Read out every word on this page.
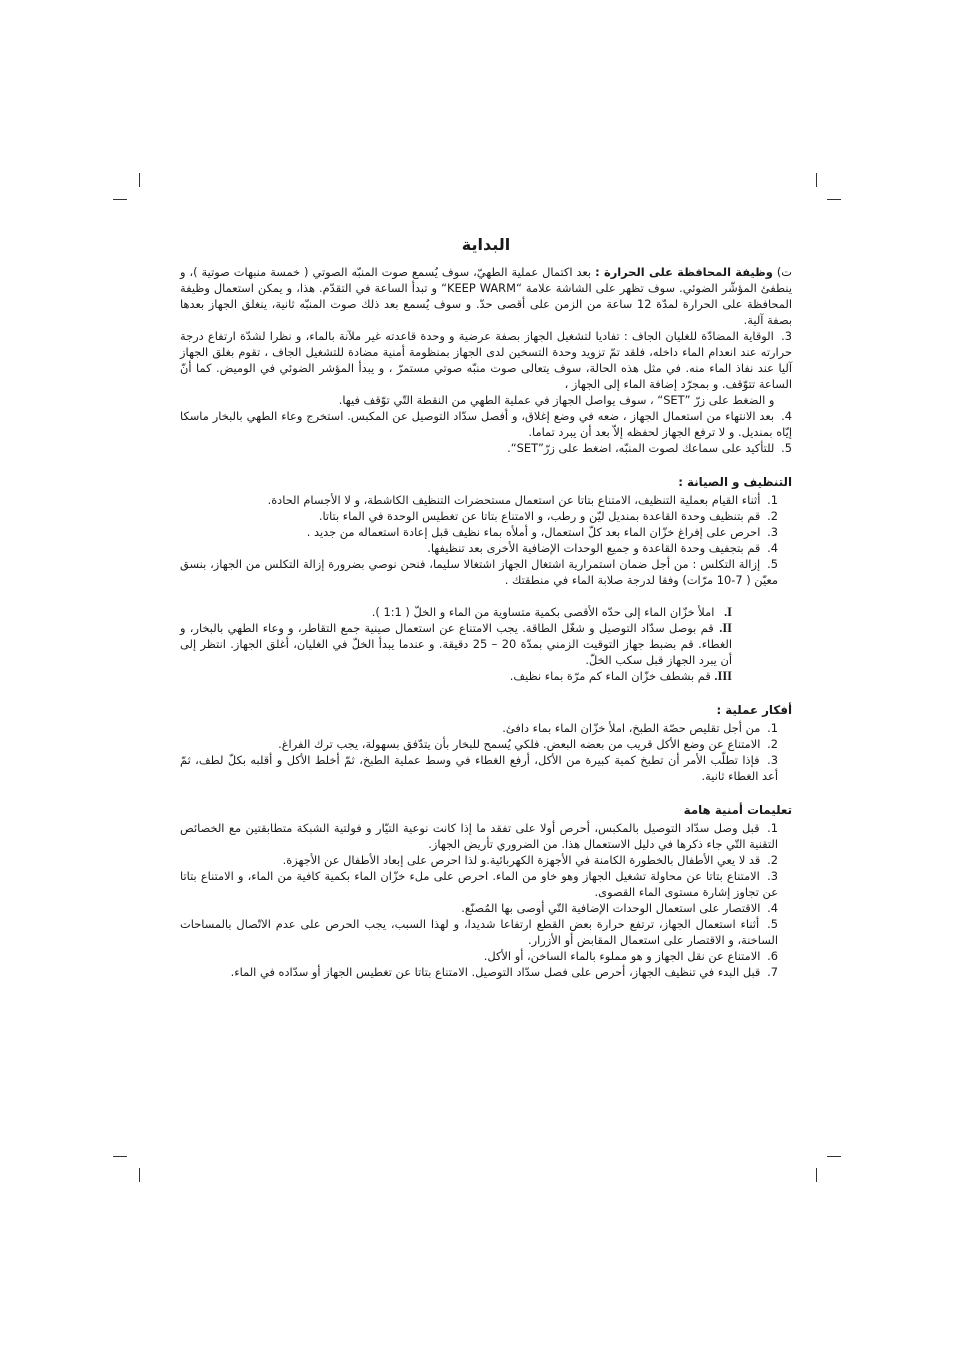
البداية

ت) وظيفة المحافظة على الحرارة : بعد اكتمال عملية الطهيّ، سوف يُسمع صوت المنبّه الصوتي ( خمسة منبهات صوتية )، و ينطفئ المؤشّر الضوئي. سوف تظهر على الشاشة علامة “KEEP WARM“ و تبدأ الساعة في التقدّم. هذا، و يمكن استعمال وظيفة المحافظة على الحرارة لمدّة 12 ساعة من الزمن على أقصى حدّ. و سوف يُسمع بعد ذلك صوت المنبّه ثانية، ينغلق الجهاز بعدها بصفة آلية.

3. الوقاية المضادّة للغليان الجاف : تفاديا لتشغيل الجهاز بصفة عرضية و وحدة قاعدته غير ملآنة بالماء، و نظرا لشدّة ارتفاع درجة حرارته عند انعدام الماء داخله، فلقد تمّ تزويد وحدة التسخين لدى الجهاز بمنظومة أمنية مضادة للتشغيل الجاف ، تقوم بغلق الجهاز آليا عند نفاذ الماء منه. في مثل هذه الحالة، سوف يتعالى صوت منبّه صوتي مستمرّ ، و يبدأ المؤشر الضوئي في الوميض. كما أنّ الساعة تتوّقف. و بمجرّد إضافة الماء إلى الجهاز ،

و الضغط على زرّ ”SET“ ، سوف يواصل الجهاز في عملية الطهي من النقطة التّي توّقف فيها.

4. بعد الانتهاء من استعمال الجهاز ، ضعه في وضع إغلاق، و أفصل سدّاد التوصيل عن المكبس. استخرج وعاء الطهي بالبخار ماسكا إيّاه بمنديل. و لا ترفع الجهاز لحفظه إلاّ بعد أن يبرد تماما.

5. للتأكيد على سماعك لصوت المنبّه، اضغط على زرّ”SET“.

التنظيف و الصيانة :

1. أثناء القيام بعملية التنظيف، الامتناع بتاتا عن استعمال مستحضرات التنظيف الكاشطة، و لا الأجسام الحادة.

2. قم بتنظيف وحدة القاعدة بمنديل ليّن و رطب، و الامتناع بتاتا عن تغطيس الوحدة في الماء بتاتا.

3. احرص على إفراغ خزّان الماء بعد كلّ استعمال، و أملأه بماء نظيف قبل إعادة استعماله من جديد .

4. قم بتجفيف وحدة القاعدة و جميع الوحدات الإضافية الأخرى بعد تنظيفها.

5. إزالة التكلس : من أجل ضمان استمرارية اشتغال الجهاز اشتغالا سليما، فنحن نوصي بضرورة إزالة التكلس من الجهاز، بنسق معيّن ( 7-10 مرّات) وفقا لدرجة صلابة الماء في منطقتك .

I. املأ خزّان الماء إلى حدّه الأقصى بكمية متساوية من الماء و الخلّ ( 1:1 ).

II. قم بوصل سدّاد التوصيل و شغّل الطاقة. يجب الامتناع عن استعمال صينية جمع التقاطر، و وعاء الطهي بالبخار، و الغطاء. قم بضبط جهاز التوقيت الزمني بمدّة 20 – 25 دقيقة. و عندما يبدأ الخلّ في الغليان، أغلق الجهاز. انتظر إلى أن يبرد الجهاز قبل سكب الخلّ.

III. قم بشطف خزّان الماء كم مرّة بماء نظيف.

أفكار عملية :

1. من أجل تقليص حصّة الطبخ، املأ خزّان الماء بماء دافئ.

2. الامتناع عن وضع الأكل قريب من بعضه البعض. فلكي يُسمح للبخار بأن يتدّفق بسهولة، يجب ترك الفراغ.

3. فإذا تطلّب الأمر أن تطبخ كمية كبيرة من الأكل، أرفع الغطاء في وسط عملية الطبخ، ثمّ أخلط الأكل و أقلبه بكلّ لطف، ثمّ أعد الغطاء ثانية.

تعليمات أمنية هامة

1. قبل وصل سدّاد التوصيل بالمكبس، أحرص أولا على تفقد ما إذا كانت نوعية التيّار و فولتية الشبكة متطابقتين مع الخصائص التقنية التّي جاء ذكرها في دليل الاستعمال هذا. من الضروري تأريض الجهاز.

2. قد لا يعي الأطفال بالخطورة الكامنة في الأجهزة الكهربائية.و لذا احرص على إبعاد الأطفال عن الأجهزة.

3. الامتناع بتاتا عن محاولة تشغيل الجهاز وهو خاو من الماء. احرص على ملء خزّان الماء بكمية كافية من الماء، و الامتناع بتاتا عن تجاوز إشارة مستوى الماء القصوى.

4. الاقتصار على استعمال الوحدات الإضافية التّي أوصى بها المُصنّع.

5. أثناء استعمال الجهاز، ترتفع حرارة بعض القطع ارتفاعا شديدا، و لهذا السبب، يجب الحرص على عدم الاتّصال بالمساحات الساخنة، و الاقتصار على استعمال المقابض أو الأزرار.

6. الامتناع عن نقل الجهاز و هو مملوء بالماء الساخن، أو الأكل.

7. قبل البدء في تنظيف الجهاز، أحرص على فصل سدّاد التوصيل. الامتناع بتاتا عن تغطيس الجهاز أو سدّاده في الماء.
